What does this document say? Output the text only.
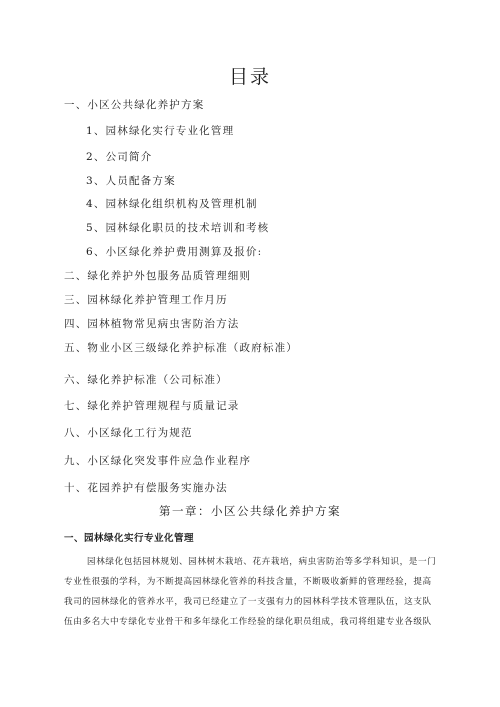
目录
一、小区公共绿化养护方案
1、园林绿化实行专业化管理
2、公司简介
3、人员配备方案
4、园林绿化组织机构及管理机制
5、园林绿化职员的技术培训和考核
6、小区绿化养护费用测算及报价:
二、绿化养护外包服务品质管理细则
三、园林绿化养护管理工作月历
四、园林植物常见病虫害防治方法
五、物业小区三级绿化养护标准（政府标准）
六、绿化养护标准（公司标准）
七、绿化养护管理规程与质量记录
八、小区绿化工行为规范
九、小区绿化突发事件应急作业程序
十、花园养护有偿服务实施办法
第一章：小区公共绿化养护方案
一、园林绿化实行专业化管理
园林绿化包括园林规划、园林树木栽培、花卉栽培，病虫害防治等多学科知识，是一门
专业性很强的学科，为不断提高园林绿化管养的科技含量，不断吸收新鲜的管理经验，提高
我司的园林绿化的管养水平，我司已经建立了一支强有力的园林科学技术管理队伍，这支队
伍由多名大中专绿化专业骨干和多年绿化工作经验的绿化职员组成，我司将组建专业各级队
